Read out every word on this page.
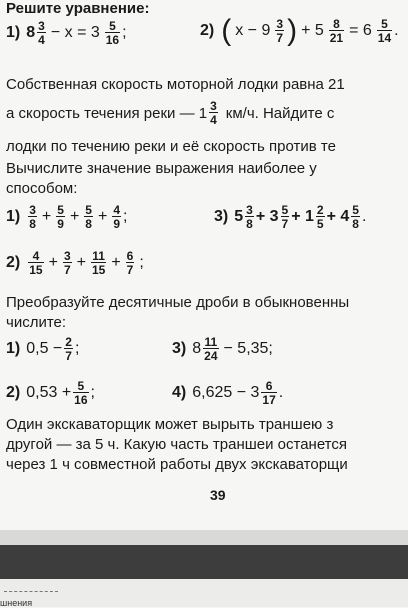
Решите уравнение:
1) $8 \frac{3}{4} - x = 3 \frac{5}{16}$ ;	2) ( $x - 9 \frac{3}{7}$ ) + $5 \frac{8}{21} = 6 \frac{5}{14}$ .
Собственная скорость моторной лодки равна 21
а скорость течения реки — $1 \frac{3}{4} км/ч$. Найдите с
лодки по течению реки и её скорость против те
Вычислите значение выражения наиболее у
способом:
$1) \frac{3}{8} + \frac{5}{9} + \frac{5}{8} + \frac{4}{9}$ ;	3) $5 \frac{3}{8} + 3 \frac{5}{7} + 1 \frac{2}{5} + 4 \frac{5}{8}$ .
$2) \frac{4}{15} + \frac{3}{7} + \frac{11}{15} + \frac{6}{7}$ ;
Преобразуйте десятичные дроби в обыкновенны
числите:
1) $0,5 - \frac{2}{7}$ ;	3) $8 \frac{11}{24} - 5,35$;
2) $0,53 + \frac{5}{16}$ ;	4) $6,625 - 3 \frac{6}{17}$ .
Один экскаваторщик может вырыть траншею з
другой — за 5 ч. Какую часть траншеи останется
через 1 ч совместной работы двух экскаваторщи
39
шнения
